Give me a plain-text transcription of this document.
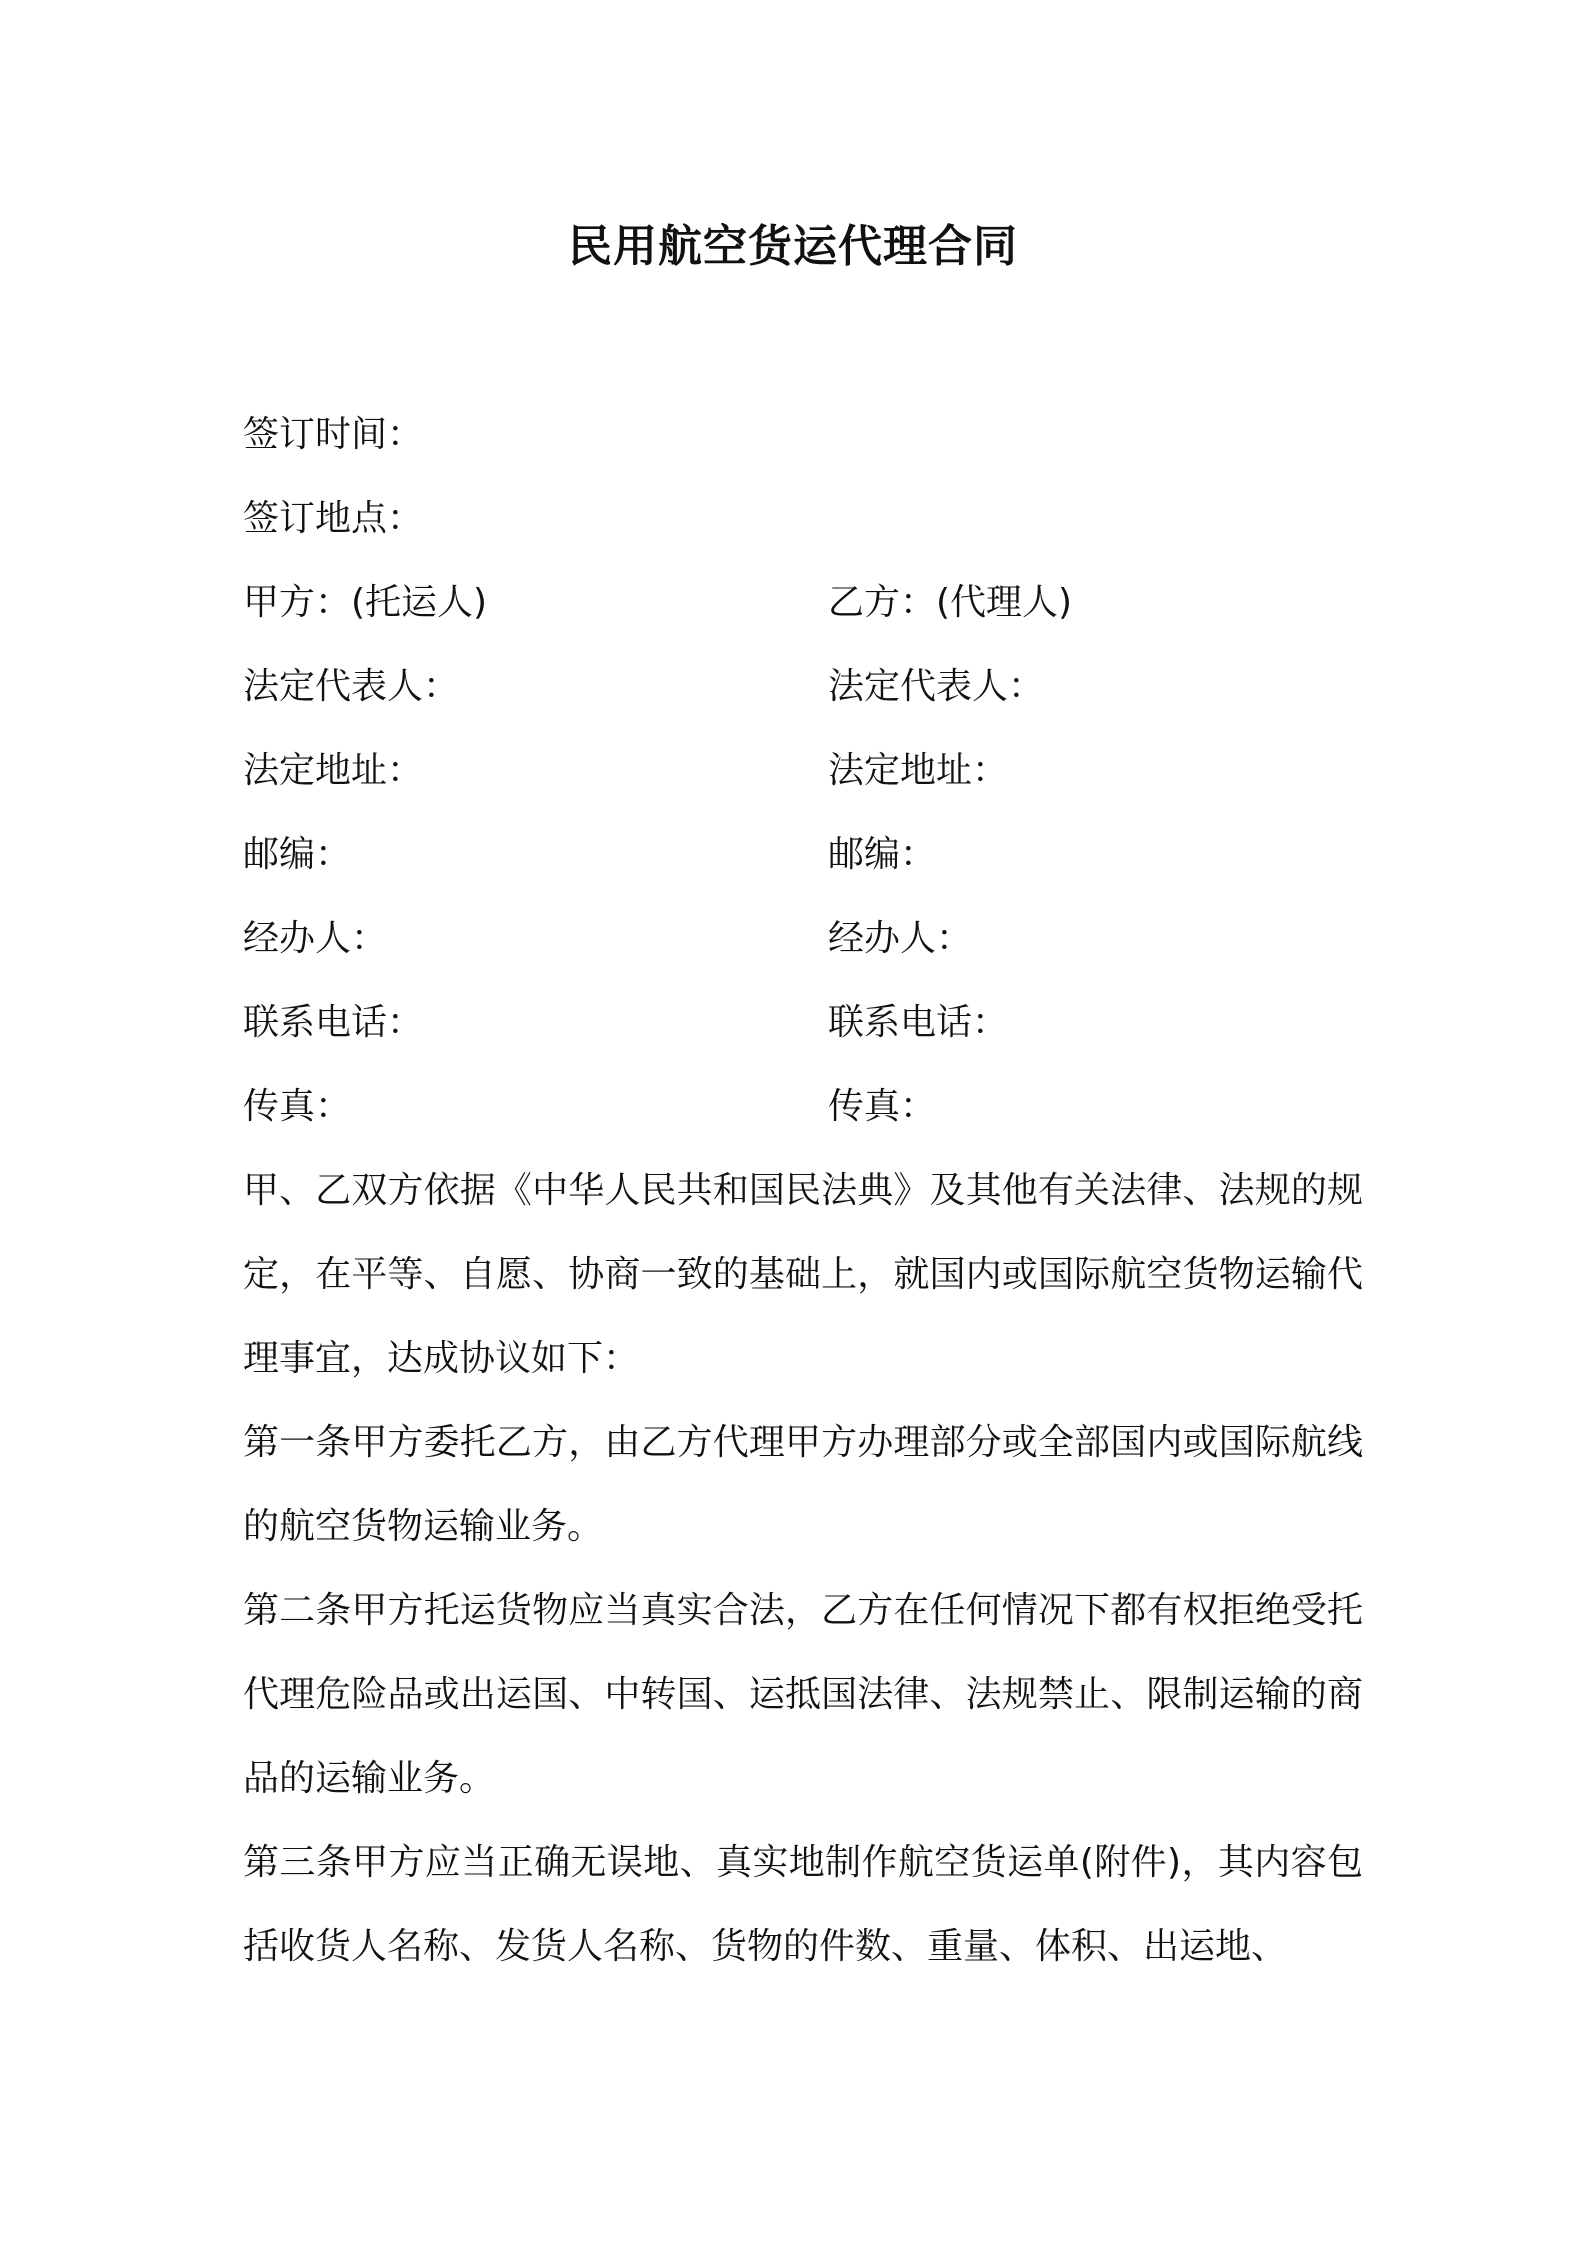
民用航空货运代理合同
签订时间：
签订地点：
甲方：(托运人)	乙方：(代理人)
法定代表人：	法定代表人：
法定地址：	法定地址：
邮编：	邮编：
经办人：	经办人：
联系电话：	联系电话：
传真：	传真：

甲、乙双方依据《中华人民共和国民法典》及其他有关法律、法规的规定，在平等、自愿、协商一致的基础上，就国内或国际航空货物运输代理事宜，达成协议如下：

第一条甲方委托乙方，由乙方代理甲方办理部分或全部国内或国际航线的航空货物运输业务。

第二条甲方托运货物应当真实合法，乙方在任何情况下都有权拒绝受托代理危险品或出运国、中转国、运抵国法律、法规禁止、限制运输的商品的运输业务。

第三条甲方应当正确无误地、真实地制作航空货运单(附件)，其内容包括收货人名称、发货人名称、货物的件数、重量、体积、出运地、
